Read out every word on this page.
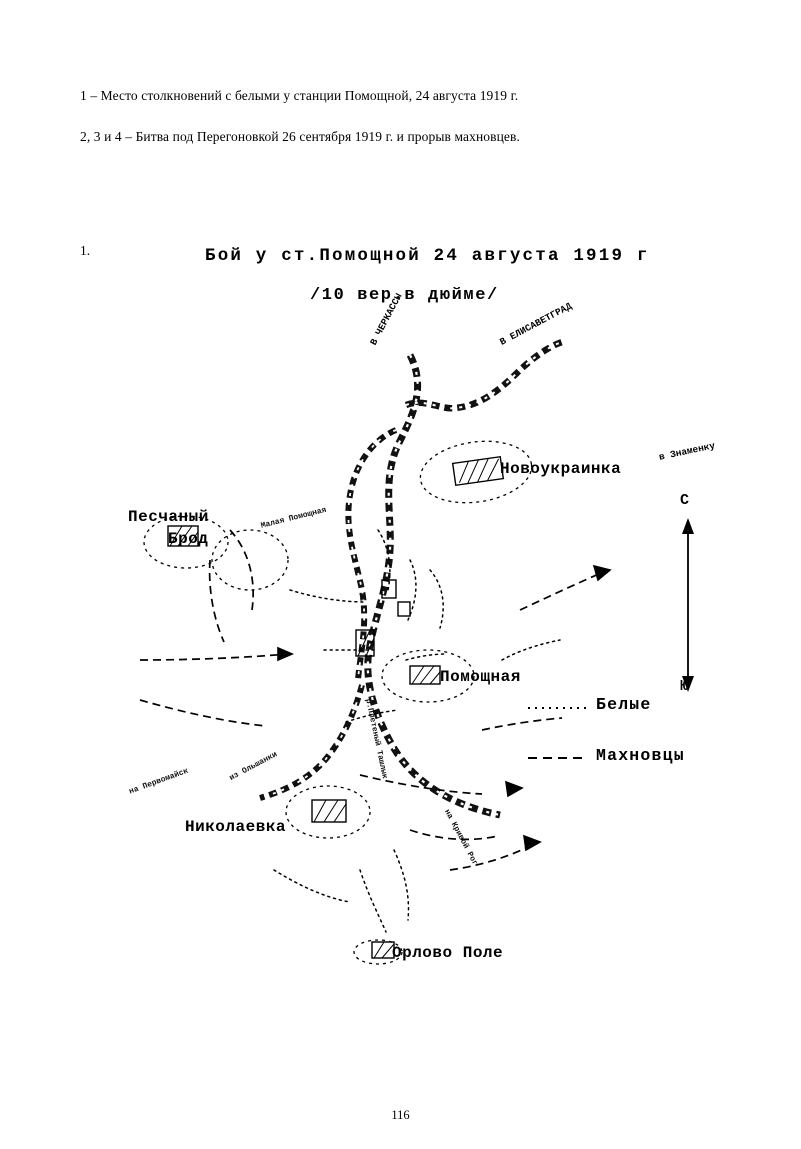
1 – Место столкновений с белыми у станции Помощной, 24 августа 1919 г.
2, 3 и 4 – Битва под Перегоновкой 26 сентября 1919 г. и прорыв махновцев.
1.	Бой у ст.Помощной 24 августа 1919 г
/10 вер.в дюйме/
Новоукраинка
Песчаный
Брод
Помощная
Николаевка
Орлово Поле
В ЧЕРКАССЫ	В ЕЛИСАВЕТГРАД
в Знаменку
Малая Помощная
из Ольшанки
на Первомайск
на Кривой Рог
р.Плетеный Ташлык	Белые
Махновцы
С
Ю
116
